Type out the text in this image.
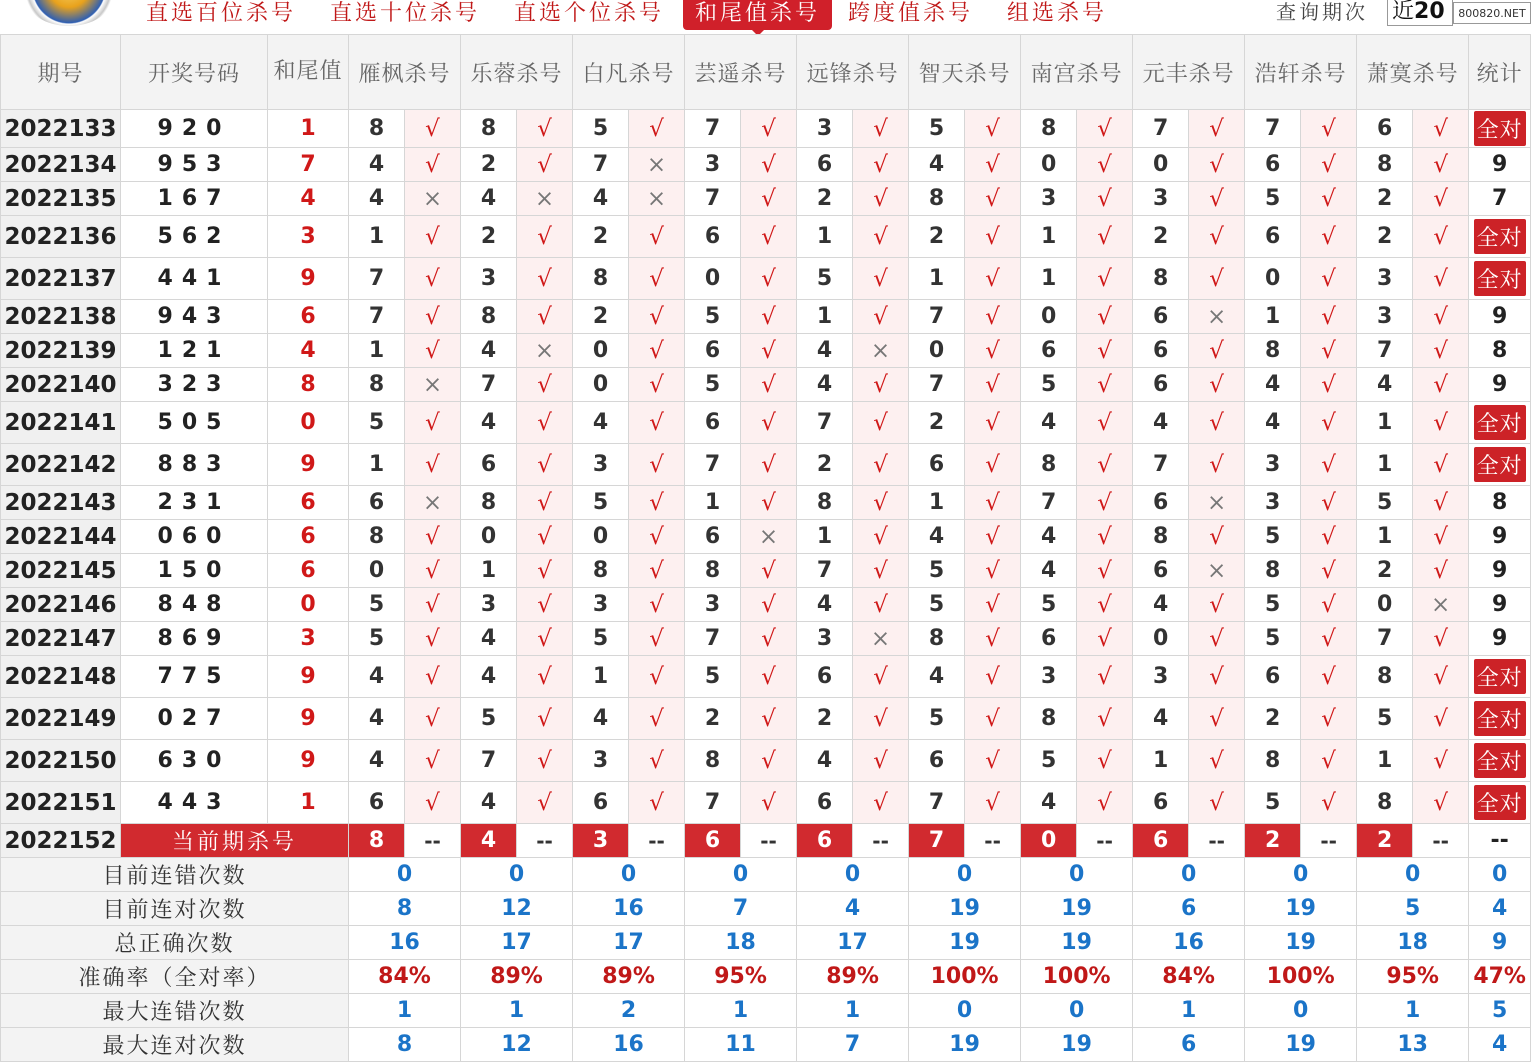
直选百位杀号 直选十位杀号 直选个位杀号	和尾值杀号	跨度值杀号 组选杀号	查询期次 近20	800820.NET
期号	开奖号码	和尾值	雁枫杀号		乐蓉杀号		白凡杀号		芸遥杀号		远锋杀号		智天杀号		南宫杀号		元丰杀号		浩轩杀号		萧寞杀号		统计
2022133	920	1	8	√	8	√	5	√	7	√	3	√	5	√	8	√	7	√	7	√	6	√	全对
2022134	953	7	4	√	2	√	7	×	3	√	6	√	4	√	0	√	0	√	6	√	8	√	9
2022135	167	4	4	×	4	×	4	×	7	√	2	√	8	√	3	√	3	√	5	√	2	√	7
2022136	562	3	1	√	2	√	2	√	6	√	1	√	2	√	1	√	2	√	6	√	2	√	全对
2022137	441	9	7	√	3	√	8	√	0	√	5	√	1	√	1	√	8	√	0	√	3	√	全对
2022138	943	6	7	√	8	√	2	√	5	√	1	√	7	√	0	√	6	×	1	√	3	√	9
2022139	121	4	1	√	4	×	0	√	6	√	4	×	0	√	6	√	6	√	8	√	7	√	8
2022140	323	8	8	×	7	√	0	√	5	√	4	√	7	√	5	√	6	√	4	√	4	√	9
2022141	505	0	5	√	4	√	4	√	6	√	7	√	2	√	4	√	4	√	4	√	1	√	全对
2022142	883	9	1	√	6	√	3	√	7	√	2	√	6	√	8	√	7	√	3	√	1	√	全对
2022143	231	6	6	×	8	√	5	√	1	√	8	√	1	√	7	√	6	×	3	√	5	√	8
2022144	060	6	8	√	0	√	0	√	6	×	1	√	4	√	4	√	8	√	5	√	1	√	9
2022145	150	6	0	√	1	√	8	√	8	√	7	√	5	√	4	√	6	×	8	√	2	√	9
2022146	848	0	5	√	3	√	3	√	3	√	4	√	5	√	5	√	4	√	5	√	0	×	9
2022147	869	3	5	√	4	√	5	√	7	√	3	×	8	√	6	√	0	√	5	√	7	√	9
2022148	775	9	4	√	4	√	1	√	5	√	6	√	4	√	3	√	3	√	6	√	8	√	全对
2022149	027	9	4	√	5	√	4	√	2	√	2	√	5	√	8	√	4	√	2	√	5	√	全对
2022150	630	9	4	√	7	√	3	√	8	√	4	√	6	√	5	√	1	√	8	√	1	√	全对
2022151	443	1	6	√	4	√	6	√	7	√	6	√	7	√	4	√	6	√	5	√	8	√	全对
2022152	当前期杀号		8	--	4	--	3	--	6	--	6	--	7	--	0	--	6	--	2	--	2	--	--
目前连错次数			0		0		0		0		0		0		0		0		0		0		0
目前连对次数			8		12		16		7		4		19		19		6		19		5		4
总正确次数			16		17		17		18		17		19		19		16		19		18		9
准确率（全对率）			84%		89%		89%		95%		89%		100%		100%		84%		100%		95%		47%
最大连错次数			1		1		2		1		1		0		0		1		0		1		5
最大连对次数			8		12		16		11		7		19		19		6		19		13		4
